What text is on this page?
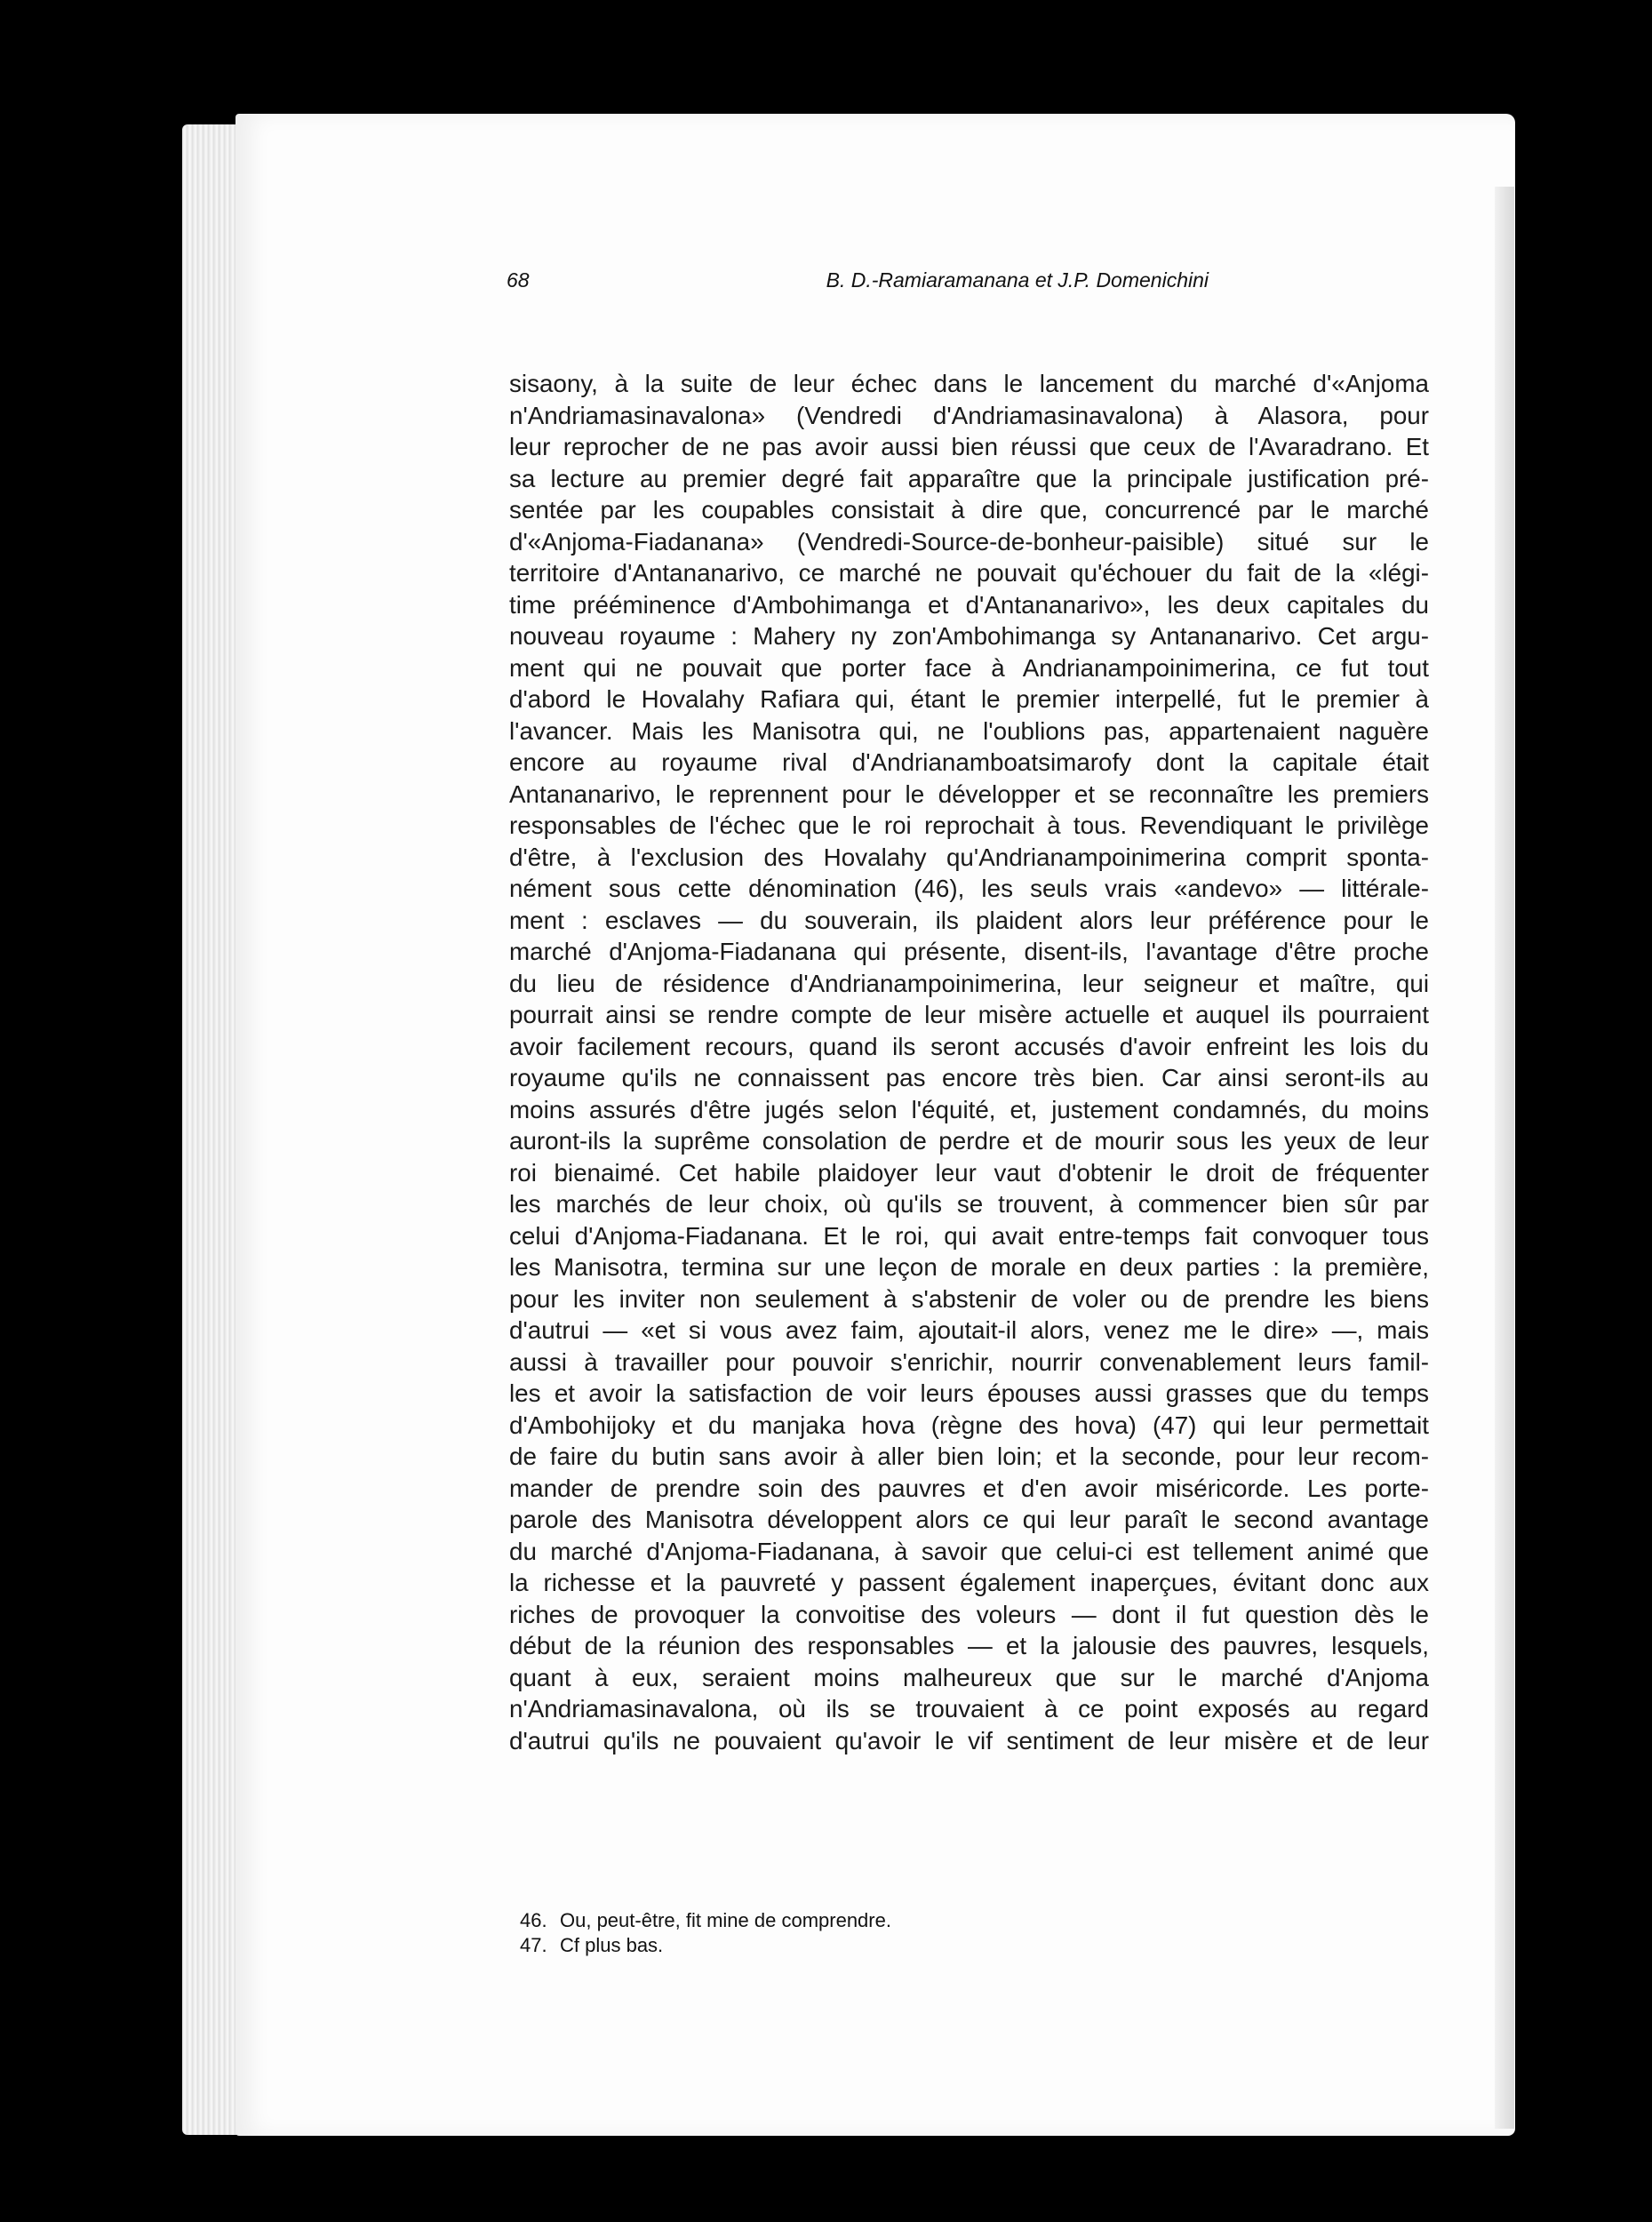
68	B. D.-Ramiaramanana et J.P. Domenichini
sisaony, à la suite de leur échec dans le lancement du marché d'«Anjoma
n'Andriamasinavalona» (Vendredi d'Andriamasinavalona) à Alasora, pour
leur reprocher de ne pas avoir aussi bien réussi que ceux de l'Avaradrano. Et
sa lecture au premier degré fait apparaître que la principale justification pré-
sentée par les coupables consistait à dire que, concurrencé par le marché
d'«Anjoma-Fiadanana» (Vendredi-Source-de-bonheur-paisible) situé sur le
territoire d'Antananarivo, ce marché ne pouvait qu'échouer du fait de la «légi-
time prééminence d'Ambohimanga et d'Antananarivo», les deux capitales du
nouveau royaume : Mahery ny zon'Ambohimanga sy Antananarivo. Cet argu-
ment qui ne pouvait que porter face à Andrianampoinimerina, ce fut tout
d'abord le Hovalahy Rafiara qui, étant le premier interpellé, fut le premier à
l'avancer. Mais les Manisotra qui, ne l'oublions pas, appartenaient naguère
encore au royaume rival d'Andrianamboatsimarofy dont la capitale était
Antananarivo, le reprennent pour le développer et se reconnaître les premiers
responsables de l'échec que le roi reprochait à tous. Revendiquant le privilège
d'être, à l'exclusion des Hovalahy qu'Andrianampoinimerina comprit sponta-
nément sous cette dénomination (46), les seuls vrais «andevo» — littérale-
ment : esclaves — du souverain, ils plaident alors leur préférence pour le
marché d'Anjoma-Fiadanana qui présente, disent-ils, l'avantage d'être proche
du lieu de résidence d'Andrianampoinimerina, leur seigneur et maître, qui
pourrait ainsi se rendre compte de leur misère actuelle et auquel ils pourraient
avoir facilement recours, quand ils seront accusés d'avoir enfreint les lois du
royaume qu'ils ne connaissent pas encore très bien. Car ainsi seront-ils au
moins assurés d'être jugés selon l'équité, et, justement condamnés, du moins
auront-ils la suprême consolation de perdre et de mourir sous les yeux de leur
roi bienaimé. Cet habile plaidoyer leur vaut d'obtenir le droit de fréquenter
les marchés de leur choix, où qu'ils se trouvent, à commencer bien sûr par
celui d'Anjoma-Fiadanana. Et le roi, qui avait entre-temps fait convoquer tous
les Manisotra, termina sur une leçon de morale en deux parties : la première,
pour les inviter non seulement à s'abstenir de voler ou de prendre les biens
d'autrui — «et si vous avez faim, ajoutait-il alors, venez me le dire» —, mais
aussi à travailler pour pouvoir s'enrichir, nourrir convenablement leurs famil-
les et avoir la satisfaction de voir leurs épouses aussi grasses que du temps
d'Ambohijoky et du manjaka hova (règne des hova) (47) qui leur permettait
de faire du butin sans avoir à aller bien loin; et la seconde, pour leur recom-
mander de prendre soin des pauvres et d'en avoir miséricorde. Les porte-
parole des Manisotra développent alors ce qui leur paraît le second avantage
du marché d'Anjoma-Fiadanana, à savoir que celui-ci est tellement animé que
la richesse et la pauvreté y passent également inaperçues, évitant donc aux
riches de provoquer la convoitise des voleurs — dont il fut question dès le
début de la réunion des responsables — et la jalousie des pauvres, lesquels,
quant à eux, seraient moins malheureux que sur le marché d'Anjoma
n'Andriamasinavalona, où ils se trouvaient à ce point exposés au regard
d'autrui qu'ils ne pouvaient qu'avoir le vif sentiment de leur misère et de leur
46. Ou, peut-être, fit mine de comprendre.
47. Cf plus bas.
